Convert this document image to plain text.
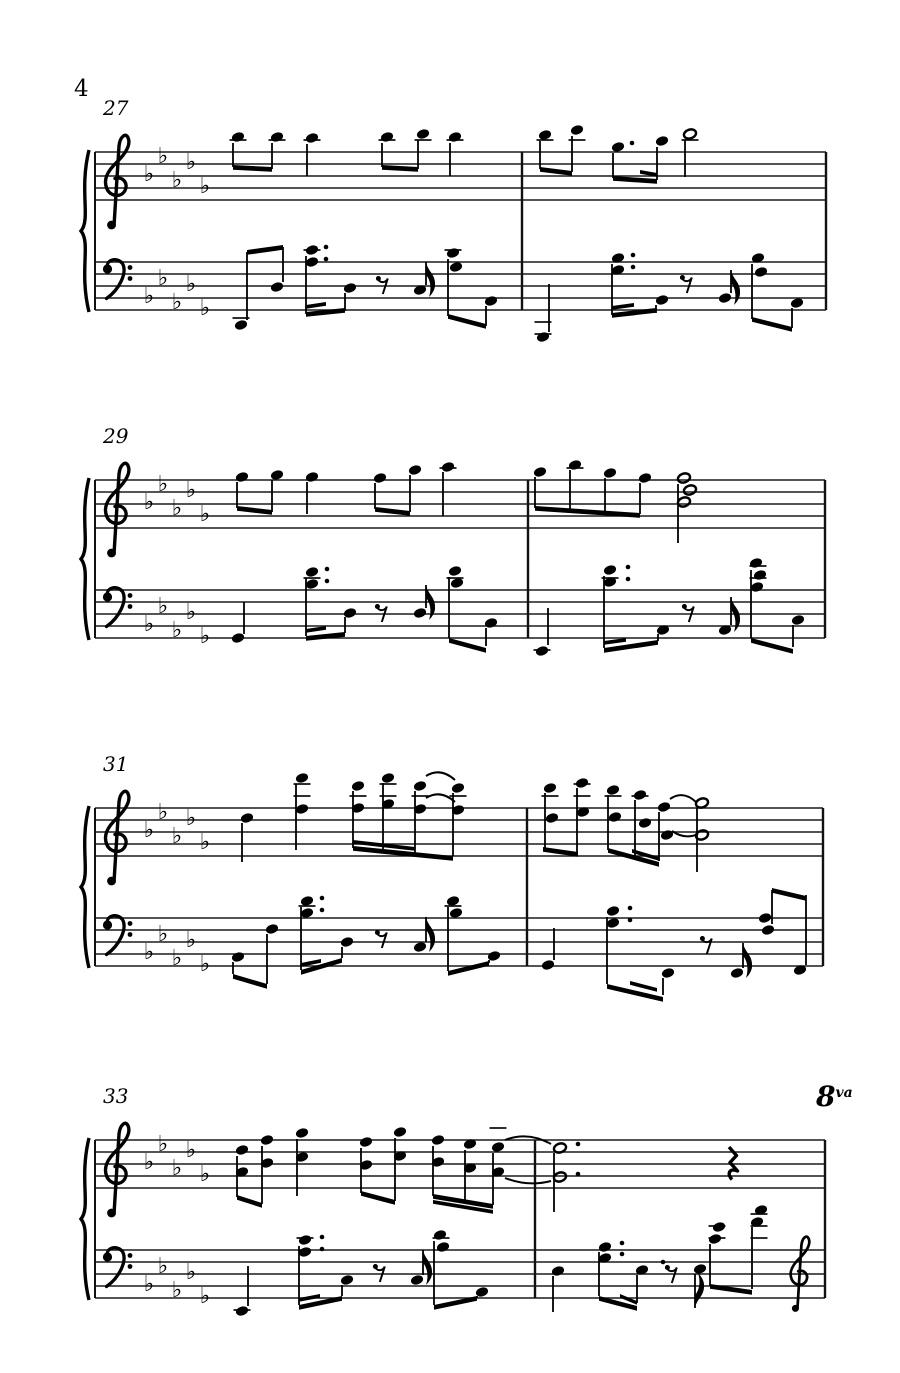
4
8va
♭
♭
♭
♭
♭
♭
♭
♭
♭
♭
27
♭
♭
♭
♭
♭
♭
♭
♭
♭
♭
29
♭
♭
♭
♭
♭
♭
♭
♭
♭
♭
31
♭
♭
♭
♭
♭
♭
♭
♭
♭
♭
33
